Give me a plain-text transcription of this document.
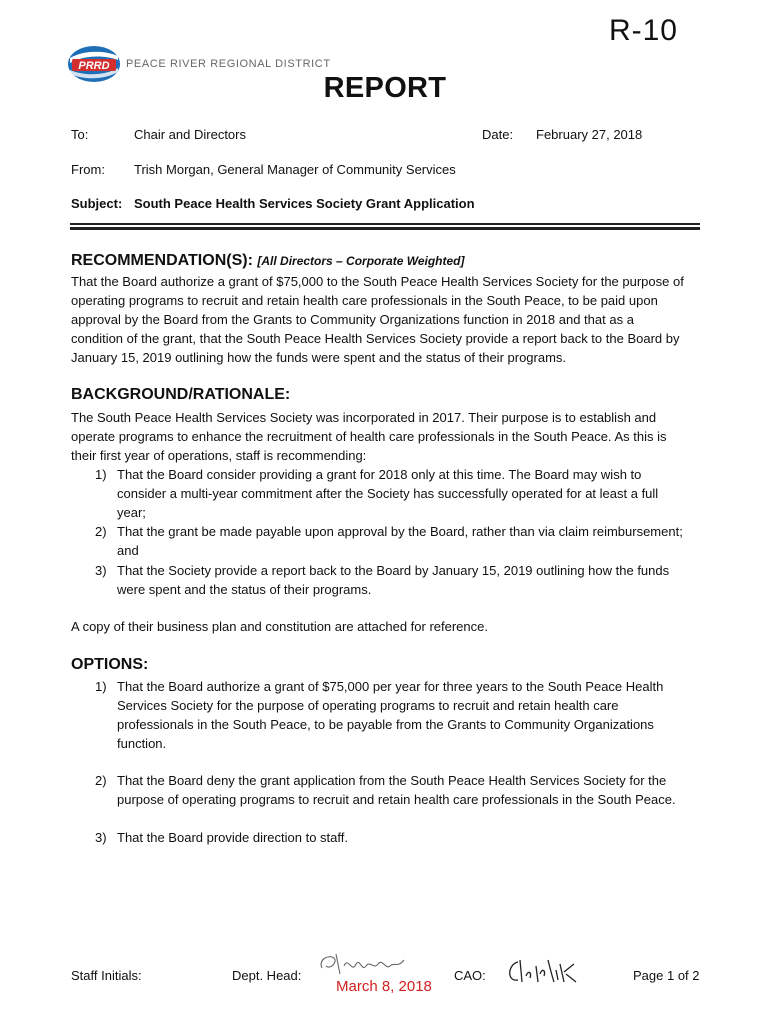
R-10
PRRD PEACE RIVER REGIONAL DISTRICT
REPORT
To:	Chair and Directors	Date: February 27, 2018
From: Trish Morgan, General Manager of Community Services
Subject: South Peace Health Services Society Grant Application
RECOMMENDATION(S): [All Directors – Corporate Weighted]
That the Board authorize a grant of $75,000 to the South Peace Health Services Society for the purpose of
operating programs to recruit and retain health care professionals in the South Peace, to be paid upon
approval by the Board from the Grants to Community Organizations function in 2018 and that as a
condition of the grant, that the South Peace Health Services Society provide a report back to the Board by
January 15, 2019 outlining how the funds were spent and the status of their programs.
BACKGROUND/RATIONALE:
The South Peace Health Services Society was incorporated in 2017. Their purpose is to establish and
operate programs to enhance the recruitment of health care professionals in the South Peace. As this is
their first year of operations, staff is recommending:
1) That the Board consider providing a grant for 2018 only at this time. The Board may wish to
consider a multi-year commitment after the Society has successfully operated for at least a full
year;
2) That the grant be made payable upon approval by the Board, rather than via claim reimbursement;
and
3) That the Society provide a report back to the Board by January 15, 2019 outlining how the funds
were spent and the status of their programs.
A copy of their business plan and constitution are attached for reference.
OPTIONS:
1) That the Board authorize a grant of $75,000 per year for three years to the South Peace Health
Services Society for the purpose of operating programs to recruit and retain health care
professionals in the South Peace, to be payable from the Grants to Community Organizations
function.
2) That the Board deny the grant application from the South Peace Health Services Society for the
purpose of operating programs to recruit and retain health care professionals in the South Peace.
3) That the Board provide direction to staff.
Staff Initials:	Dept. Head:
March 8, 2018
CAO:	Page 1 of 2
